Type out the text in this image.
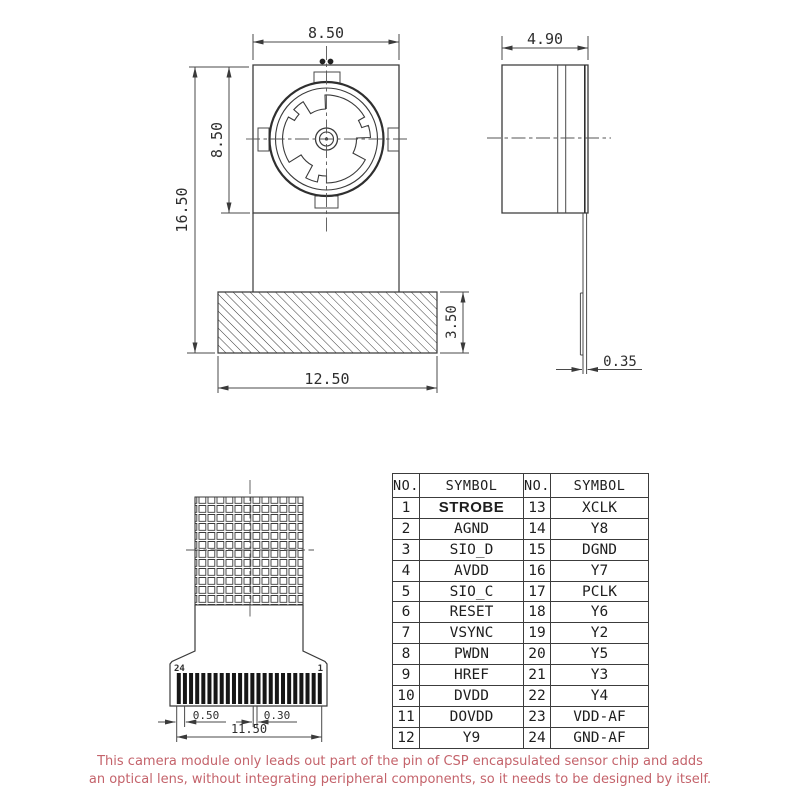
8.50
8.50
16.50
12.50
3.50
4.90
0.35
24	1
0.50	0.30
11.50
NO.	SYMBOL	NO.	SYMBOL
1	STROBE	13	XCLK
2	AGND	14	Y8
3	SIO_D	15	DGND
4	AVDD	16	Y7
5	SIO_C	17	PCLK
6	RESET	18	Y6
7	VSYNC	19	Y2
8	PWDN	20	Y5
9	HREF	21	Y3
10	DVDD	22	Y4
11	DOVDD	23	VDD-AF
12	Y9	24	GND-AF
This camera module only leads out part of the pin of CSP encapsulated sensor chip and adds
an optical lens, without integrating peripheral components, so it needs to be designed by itself.
